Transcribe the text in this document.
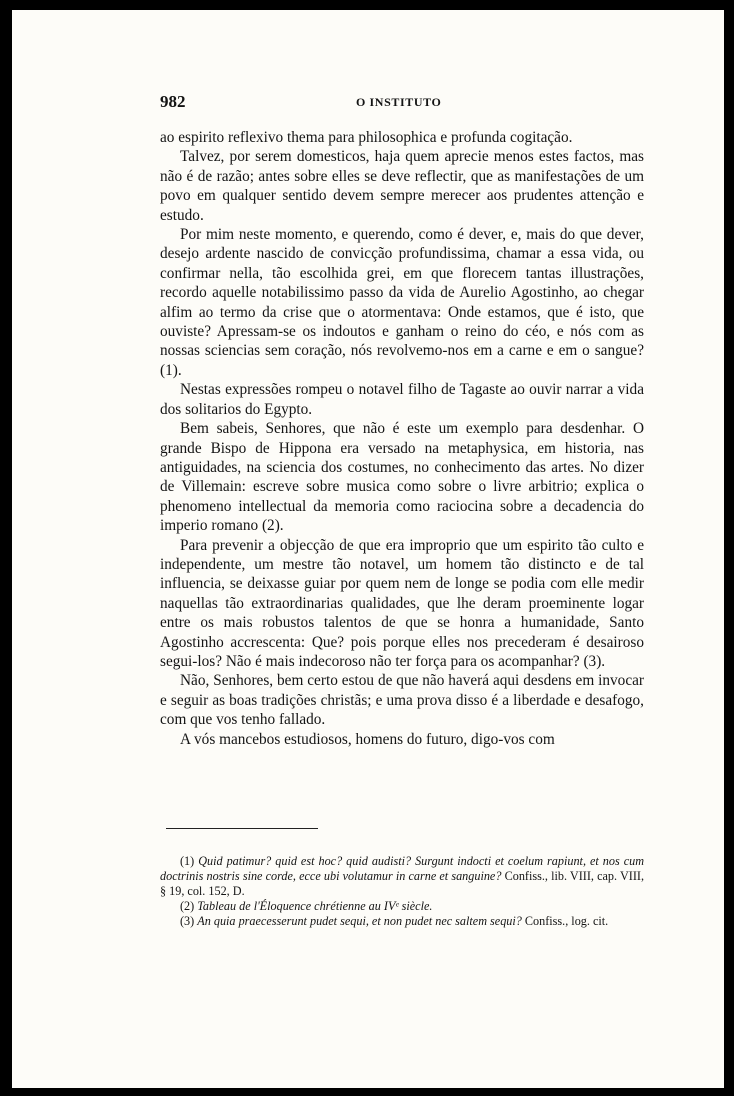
982	O INSTITUTO

ao espirito reflexivo thema para philosophica e profunda cogitação.

Talvez, por serem domesticos, haja quem aprecie menos estes factos, mas não é de razão; antes sobre elles se deve reflectir, que as manifestações de um povo em qualquer sentido devem sempre merecer aos prudentes attenção e estudo.

Por mim neste momento, e querendo, como é dever, e, mais do que dever, desejo ardente nascido de convicção profundissima, chamar a essa vida, ou confirmar nella, tão escolhida grei, em que florecem tantas illustrações, recordo aquelle notabilissimo passo da vida de Aurelio Agostinho, ao chegar alfim ao termo da crise que o atormentava: Onde estamos, que é isto, que ouviste? Apressam-se os indoutos e ganham o reino do céo, e nós com as nossas sciencias sem coração, nós revolvemo-nos em a carne e em o sangue? (1).

Nestas expressões rompeu o notavel filho de Tagaste ao ouvir narrar a vida dos solitarios do Egypto.

Bem sabeis, Senhores, que não é este um exemplo para desdenhar. O grande Bispo de Hippona era versado na metaphysica, em historia, nas antiguidades, na sciencia dos costumes, no conhecimento das artes. No dizer de Villemain: escreve sobre musica como sobre o livre arbitrio; explica o phenomeno intellectual da memoria como raciocina sobre a decadencia do imperio romano (2).

Para prevenir a objecção de que era improprio que um espirito tão culto e independente, um mestre tão notavel, um homem tão distincto e de tal influencia, se deixasse guiar por quem nem de longe se podia com elle medir naquellas tão extraordinarias qualidades, que lhe deram proeminente logar entre os mais robustos talentos de que se honra a humanidade, Santo Agostinho accrescenta: Que? pois porque elles nos precederam é desairoso segui-los? Não é mais indecoroso não ter força para os acompanhar? (3).

Não, Senhores, bem certo estou de que não haverá aqui desdens em invocar e seguir as boas tradições christãs; e uma prova disso é a liberdade e desafogo, com que vos tenho fallado.

A vós mancebos estudiosos, homens do futuro, digo-vos com

(1) Quid patimur? quid est hoc? quid audisti? Surgunt indocti et coelum rapiunt, et nos cum doctrinis nostris sine corde, ecce ubi volutamur in carne et sanguine? Confiss., lib. VIII, cap. VIII, § 19, col. 152, D.

(2) Tableau de l'Éloquence chrétienne au IVᵉ siècle.

(3) An quia praecesserunt pudet sequi, et non pudet nec saltem sequi? Confiss., log. cit.
